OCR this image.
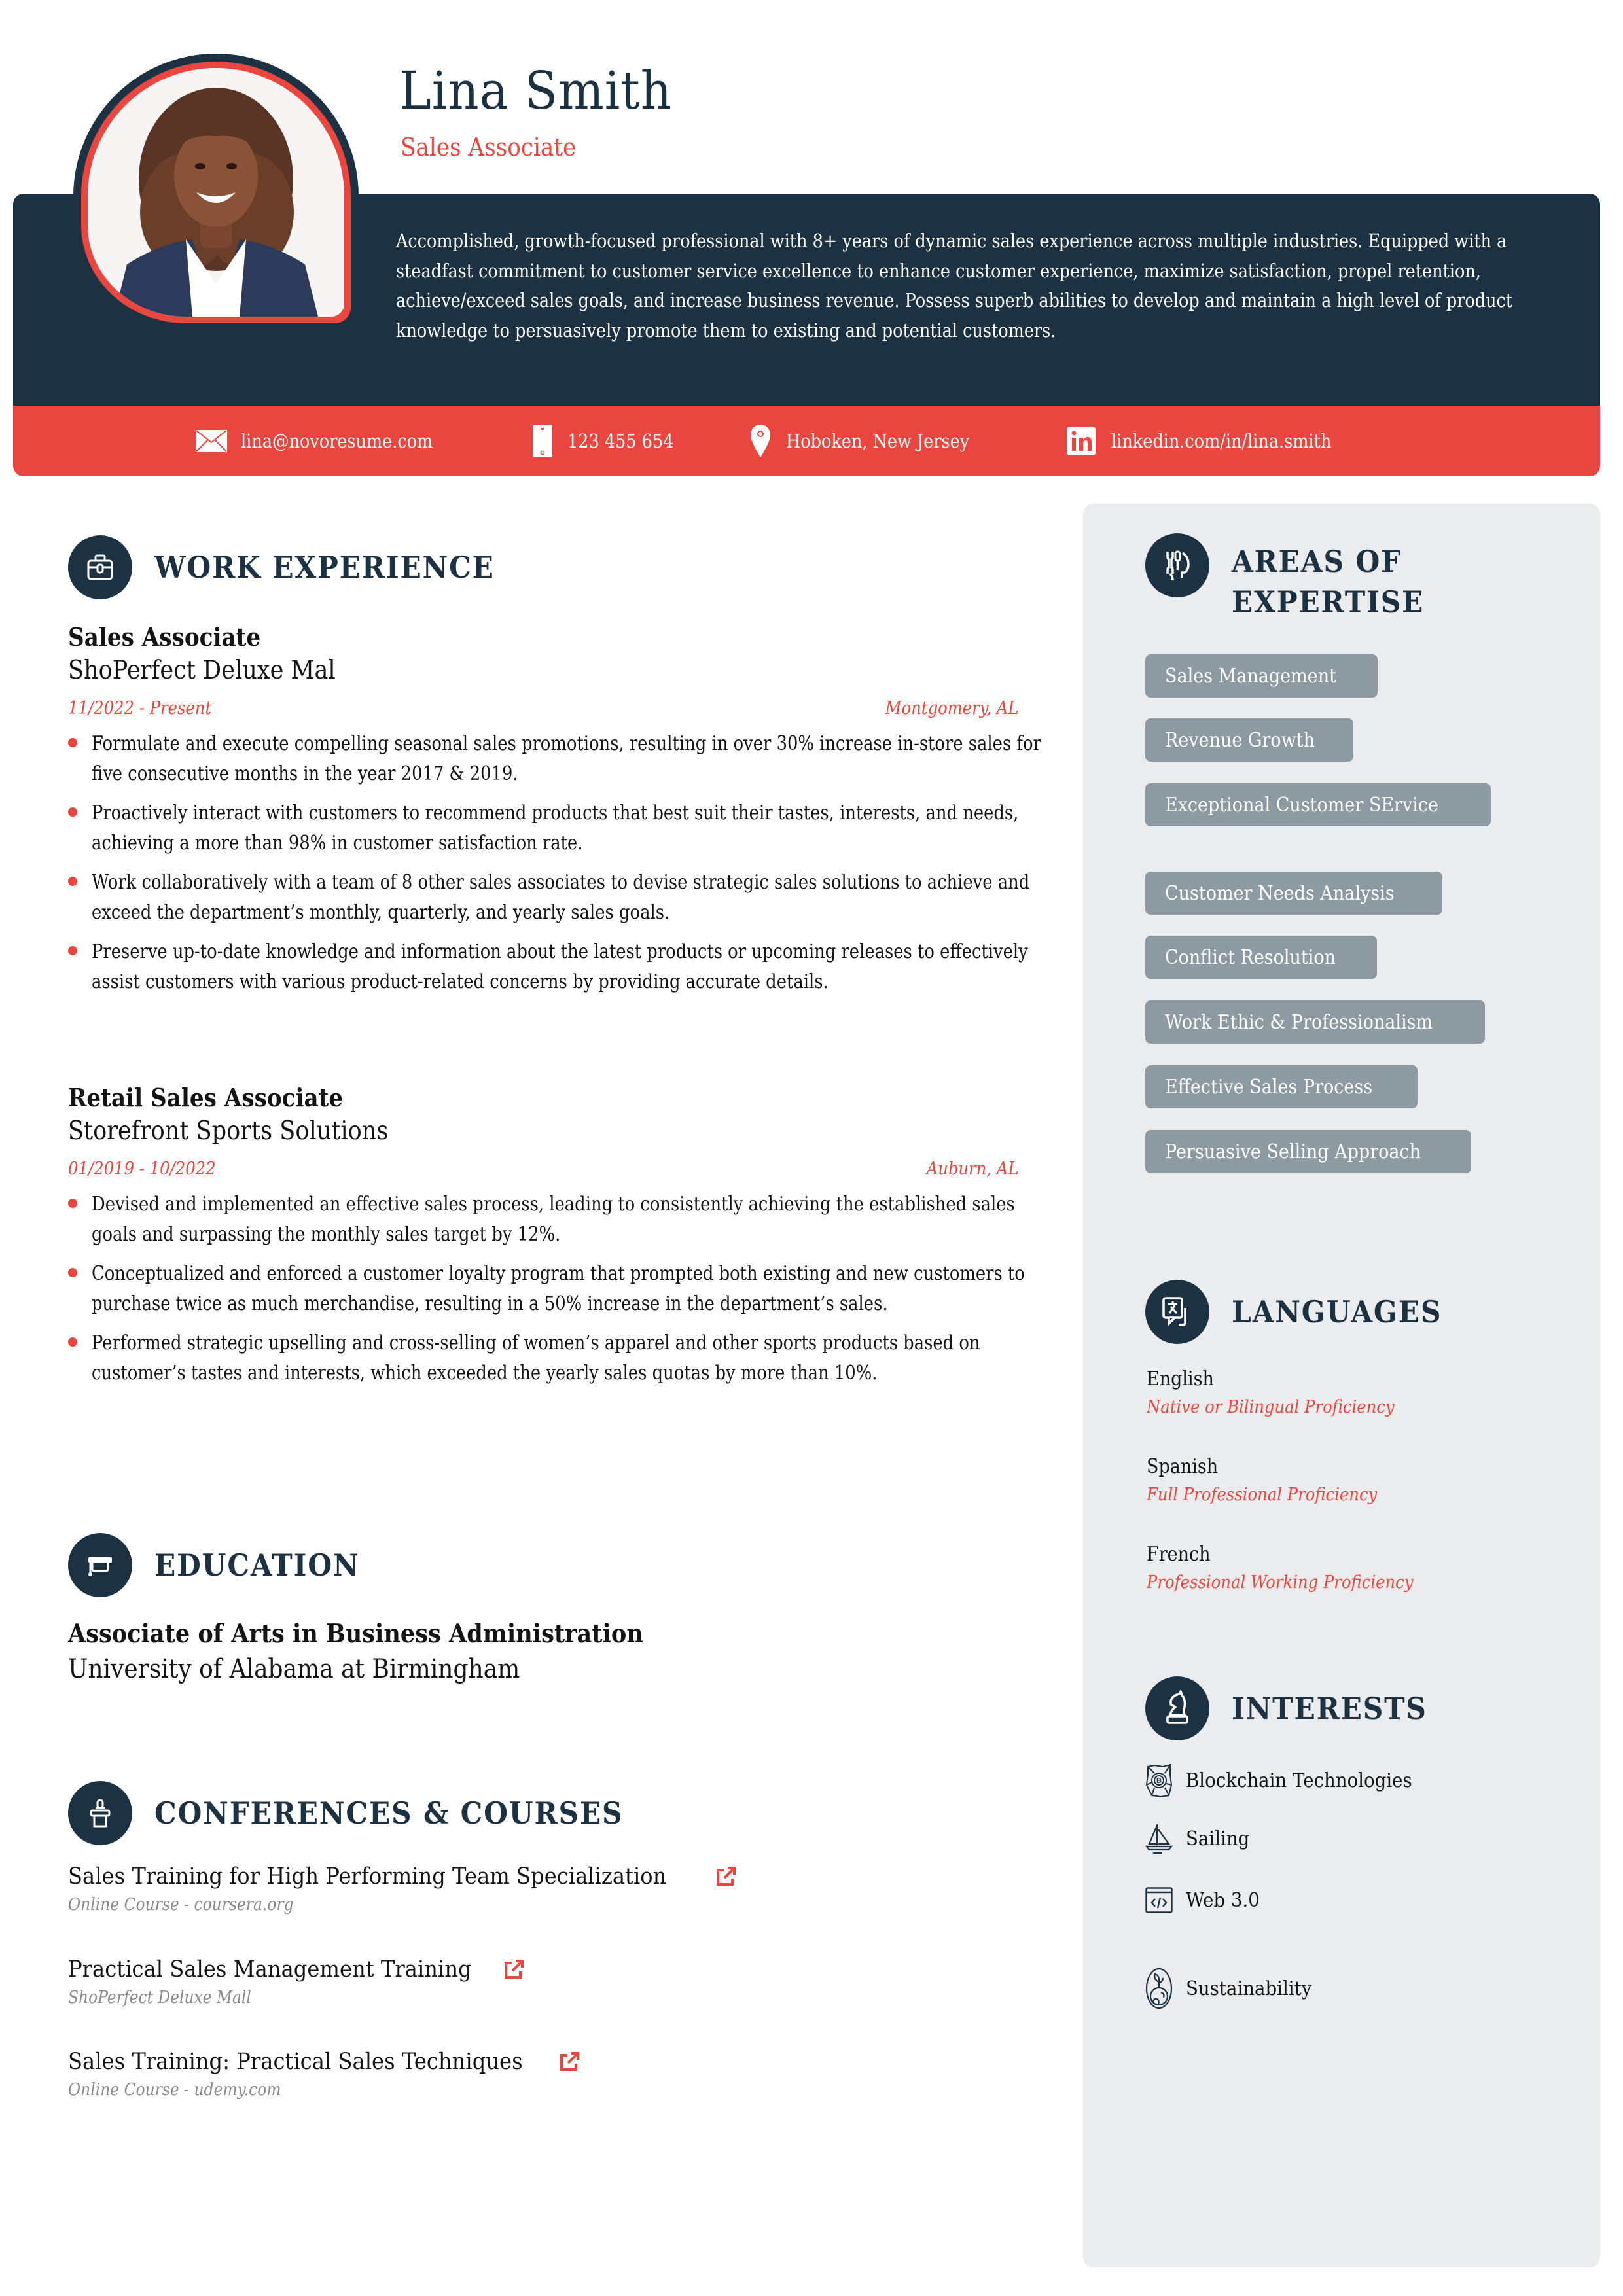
Accomplished, growth-focused professional with 8+ years of dynamic sales experience across multiple industries. Equipped with a steadfast commitment to customer service excellence to enhance customer experience, maximize satisfaction, propel retention, achieve/exceed sales goals, and increase business revenue. Possess superb abilities to develop and maintain a high level of product knowledge to persuasively promote them to existing and potential customers.

Lina Smith
Sales Associate
lina@novoresume.com	123 455 654	Hoboken, New Jersey	linkedin.com/in/lina.smith
WORK EXPERIENCE
Sales Associate
ShoPerfect Deluxe Mal
11/2022 - Present	Montgomery, AL
Formulate and execute compelling seasonal sales promotions, resulting in over 30% increase in-store sales for five consecutive months in the year 2017 & 2019.
Proactively interact with customers to recommend products that best suit their tastes, interests, and needs, achieving a more than 98% in customer satisfaction rate.
Work collaboratively with a team of 8 other sales associates to devise strategic sales solutions to achieve and exceed the department’s monthly, quarterly, and yearly sales goals.
Preserve up-to-date knowledge and information about the latest products or upcoming releases to effectively assist customers with various product-related concerns by providing accurate details.
Retail Sales Associate
Storefront Sports Solutions
01/2019 - 10/2022	Auburn, AL
Devised and implemented an effective sales process, leading to consistently achieving the established sales goals and surpassing the monthly sales target by 12%.
Conceptualized and enforced a customer loyalty program that prompted both existing and new customers to purchase twice as much merchandise, resulting in a 50% increase in the department’s sales.
Performed strategic upselling and cross-selling of women’s apparel and other sports products based on customer’s tastes and interests, which exceeded the yearly sales quotas by more than 10%.
EDUCATION
Associate of Arts in Business Administration
University of Alabama at Birmingham
CONFERENCES & COURSES
Sales Training for High Performing Team Specialization
Online Course - coursera.org
Practical Sales Management Training
ShoPerfect Deluxe Mall
Sales Training: Practical Sales Techniques
Online Course - udemy.com
AREAS OF
EXPERTISE
Sales Management
Revenue Growth
Exceptional Customer SErvice
Customer Needs Analysis
Conflict Resolution
Work Ethic & Professionalism
Effective Sales Process
Persuasive Selling Approach
LANGUAGES
English
Native or Bilingual Proficiency
Spanish
Full Professional Proficiency
French
Professional Working Proficiency
INTERESTS
B Blockchain Technologies
Sailing
Web 3.0
Sustainability
